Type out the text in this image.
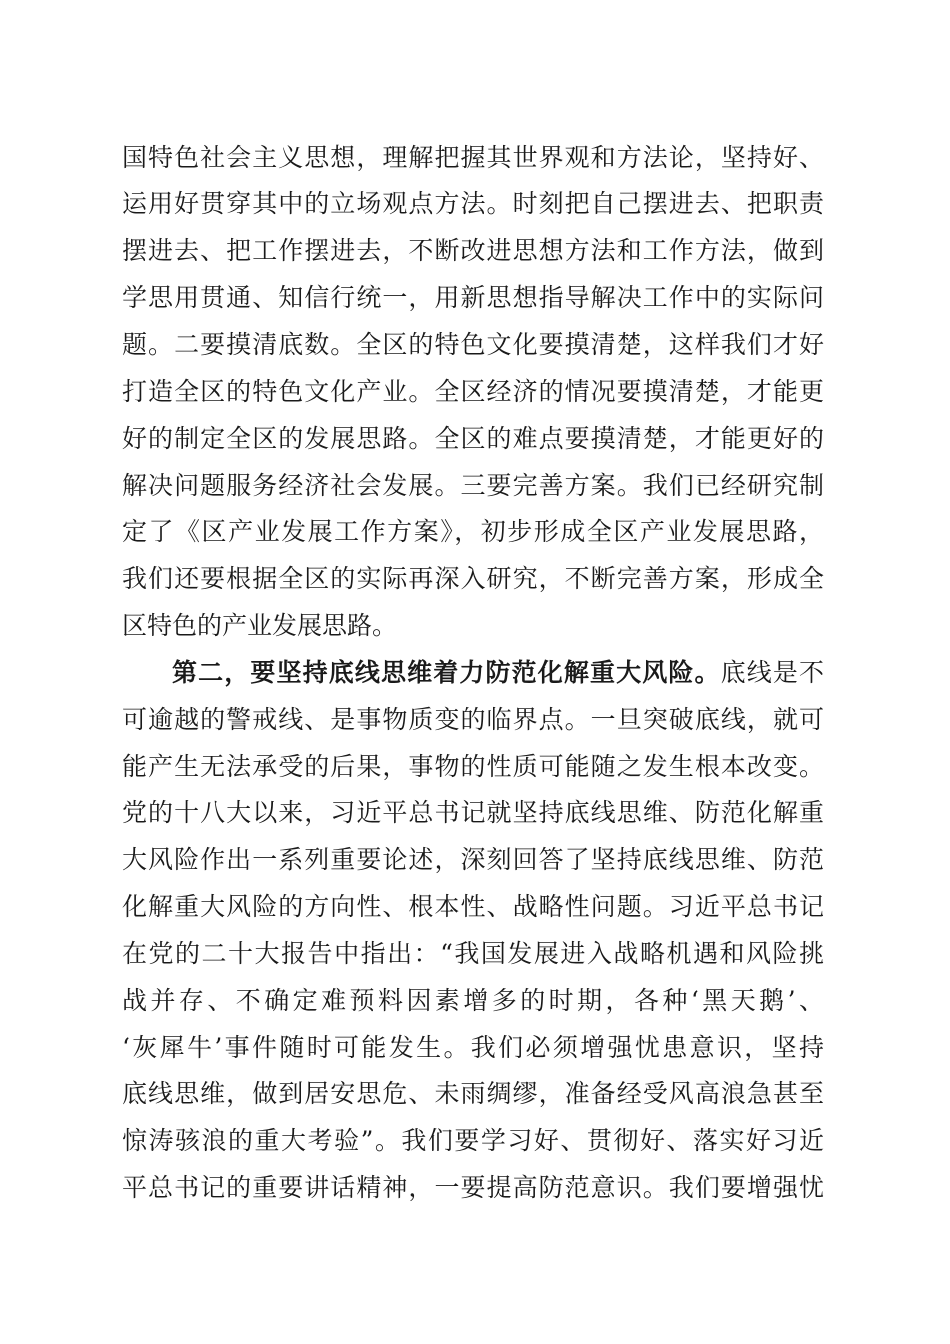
国特色社会主义思想，理解把握其世界观和方法论，坚持好、
运用好贯穿其中的立场观点方法。时刻把自己摆进去、把职责
摆进去、把工作摆进去，不断改进思想方法和工作方法，做到
学思用贯通、知信行统一，用新思想指导解决工作中的实际问
题。二要摸清底数。全区的特色文化要摸清楚，这样我们才好
打造全区的特色文化产业。全区经济的情况要摸清楚，才能更
好的制定全区的发展思路。全区的难点要摸清楚，才能更好的
解决问题服务经济社会发展。三要完善方案。我们已经研究制
定了《区产业发展工作方案》，初步形成全区产业发展思路，
我们还要根据全区的实际再深入研究，不断完善方案，形成全
区特色的产业发展思路。
第二，要坚持底线思维着力防范化解重大风险。底线是不
可逾越的警戒线、是事物质变的临界点。一旦突破底线，就可
能产生无法承受的后果，事物的性质可能随之发生根本改变。
党的十八大以来，习近平总书记就坚持底线思维、防范化解重
大风险作出一系列重要论述，深刻回答了坚持底线思维、防范
化解重大风险的方向性、根本性、战略性问题。习近平总书记
在党的二十大报告中指出：“我国发展进入战略机遇和风险挑
战并存、不确定难预料因素增多的时期，各种‘黑天鹅’、
‘灰犀牛’事件随时可能发生。我们必须增强忧患意识，坚持
底线思维，做到居安思危、未雨绸缪，准备经受风高浪急甚至
惊涛骇浪的重大考验”。我们要学习好、贯彻好、落实好习近
平总书记的重要讲话精神，一要提高防范意识。我们要增强忧
